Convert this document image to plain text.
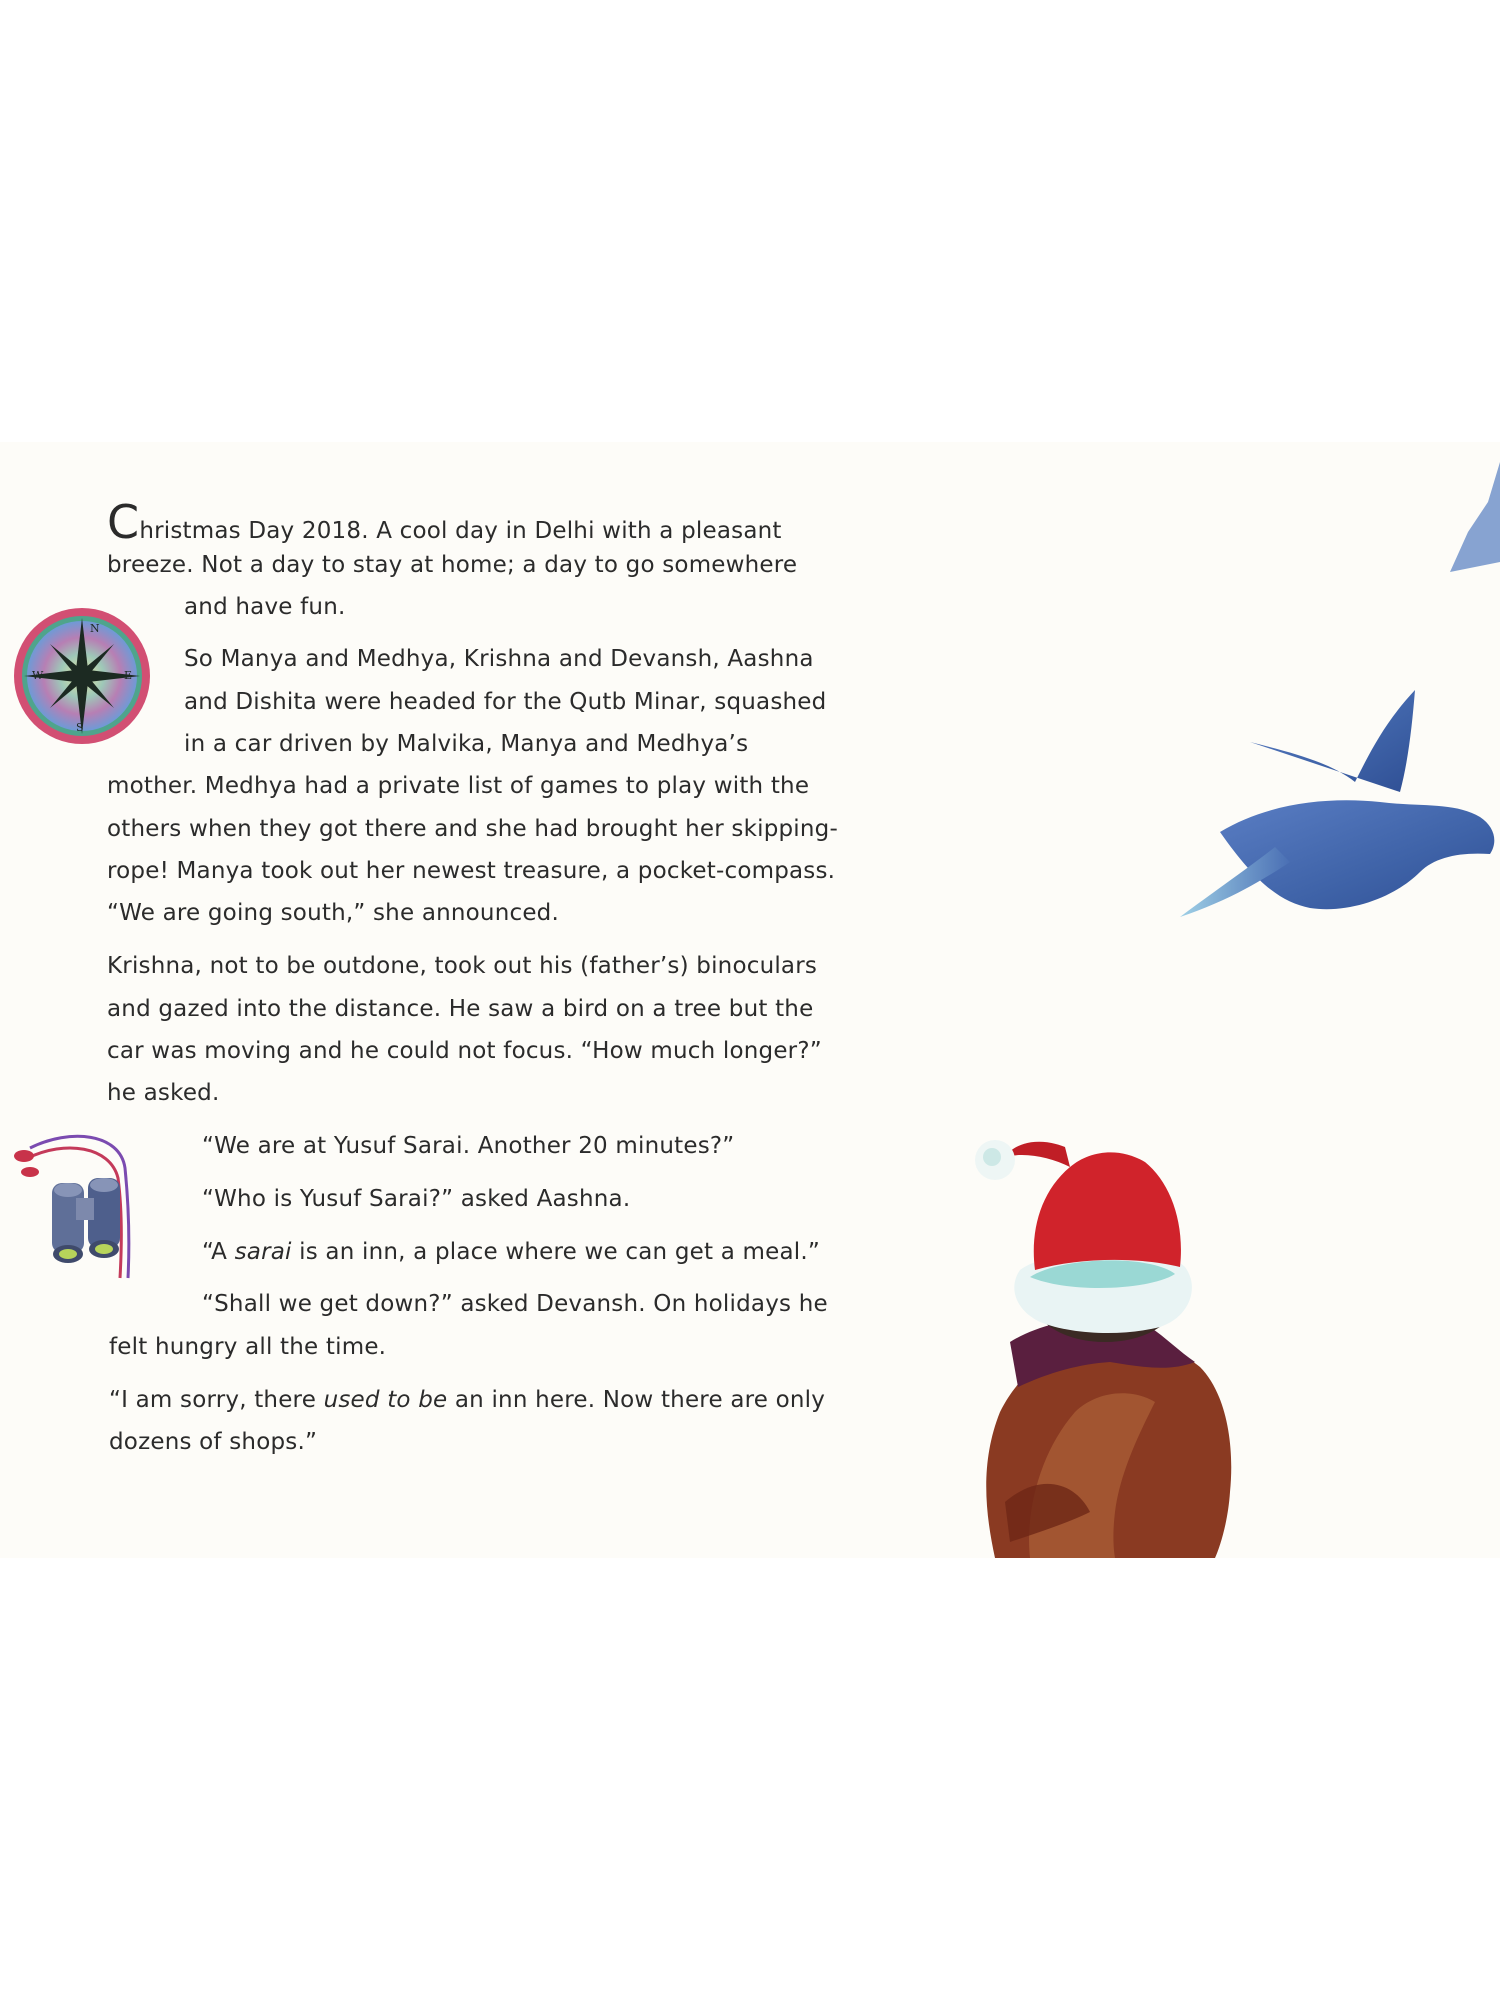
Christmas Day 2018. A cool day in Delhi with a pleasant
breeze. Not a day to stay at home; a day to go somewhere
and have fun.
N
E
S
W
So Manya and Medhya, Krishna and Devansh, Aashna
and Dishita were headed for the Qutb Minar, squashed
in a car driven by Malvika, Manya and Medhya’s
mother. Medhya had a private list of games to play with the
others when they got there and she had brought her skipping-
rope! Manya took out her newest treasure, a pocket-compass.
“We are going south,” she announced.
Krishna, not to be outdone, took out his (father’s) binoculars
and gazed into the distance. He saw a bird on a tree but the
car was moving and he could not focus. “How much longer?”
he asked.
“We are at Yusuf Sarai. Another 20 minutes?”
“Who is Yusuf Sarai?” asked Aashna.
“A sarai is an inn, a place where we can get a meal.”
“Shall we get down?” asked Devansh. On holidays he
felt hungry all the time.
“I am sorry, there used to be an inn here. Now there are only
dozens of shops.”
